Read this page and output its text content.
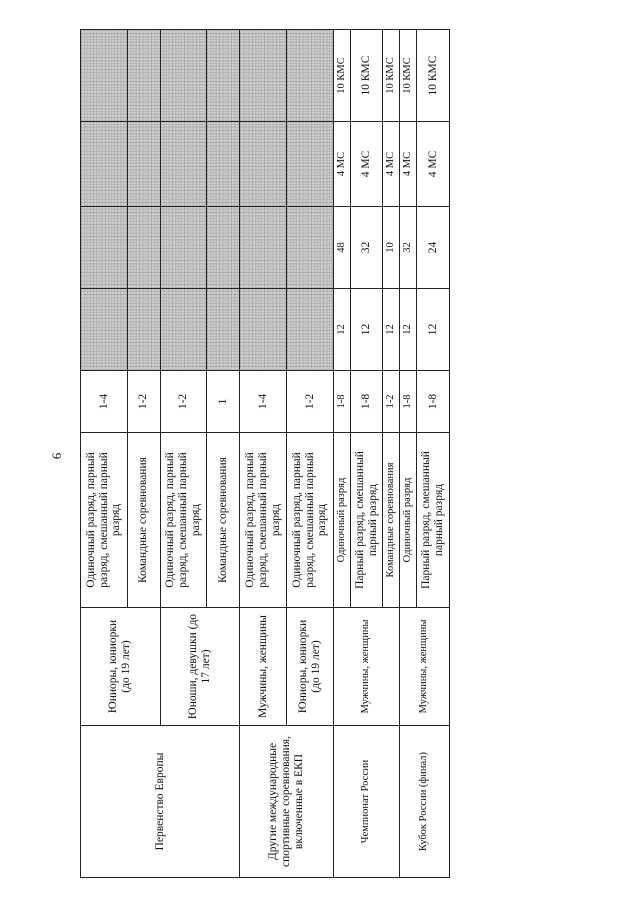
6
Первенство Европы	Юниоры, юниорки (до 19 лет)	Одиночный разряд, парный разряд, смешанный парный разряд	1-4				
		Командные соревнования	1-2				
	Юноши, девушки (до 17 лет)	Одиночный разряд, парный разряд, смешанный парный разряд	1-2				
		Командные соревнования	1				
Другие международные спортивные соревнования, включенные в ЕКП	Мужчины, женщины	Одиночный разряд, парный разряд, смешанный парный разряд	1-4				
	Юниоры, юниорки (до 19 лет)	Одиночный разряд, парный разряд, смешанный парный разряд	1-2				
Чемпионат России	Мужчины, женщины	Одиночный разряд	1-8	12	48	4 МС	10 КМС
		Парный разряд, смешанный парный разряд	1-8	12	32	4 МС	10 КМС
		Командные соревнования	1-2	12	10	4 МС	10 КМС
Кубок России (финал)	Мужчины, женщины	Одиночный разряд	1-8	12	32	4 МС	10 КМС
		Парный разряд, смешанный парный разряд	1-8	12	24	4 МС	10 КМС
